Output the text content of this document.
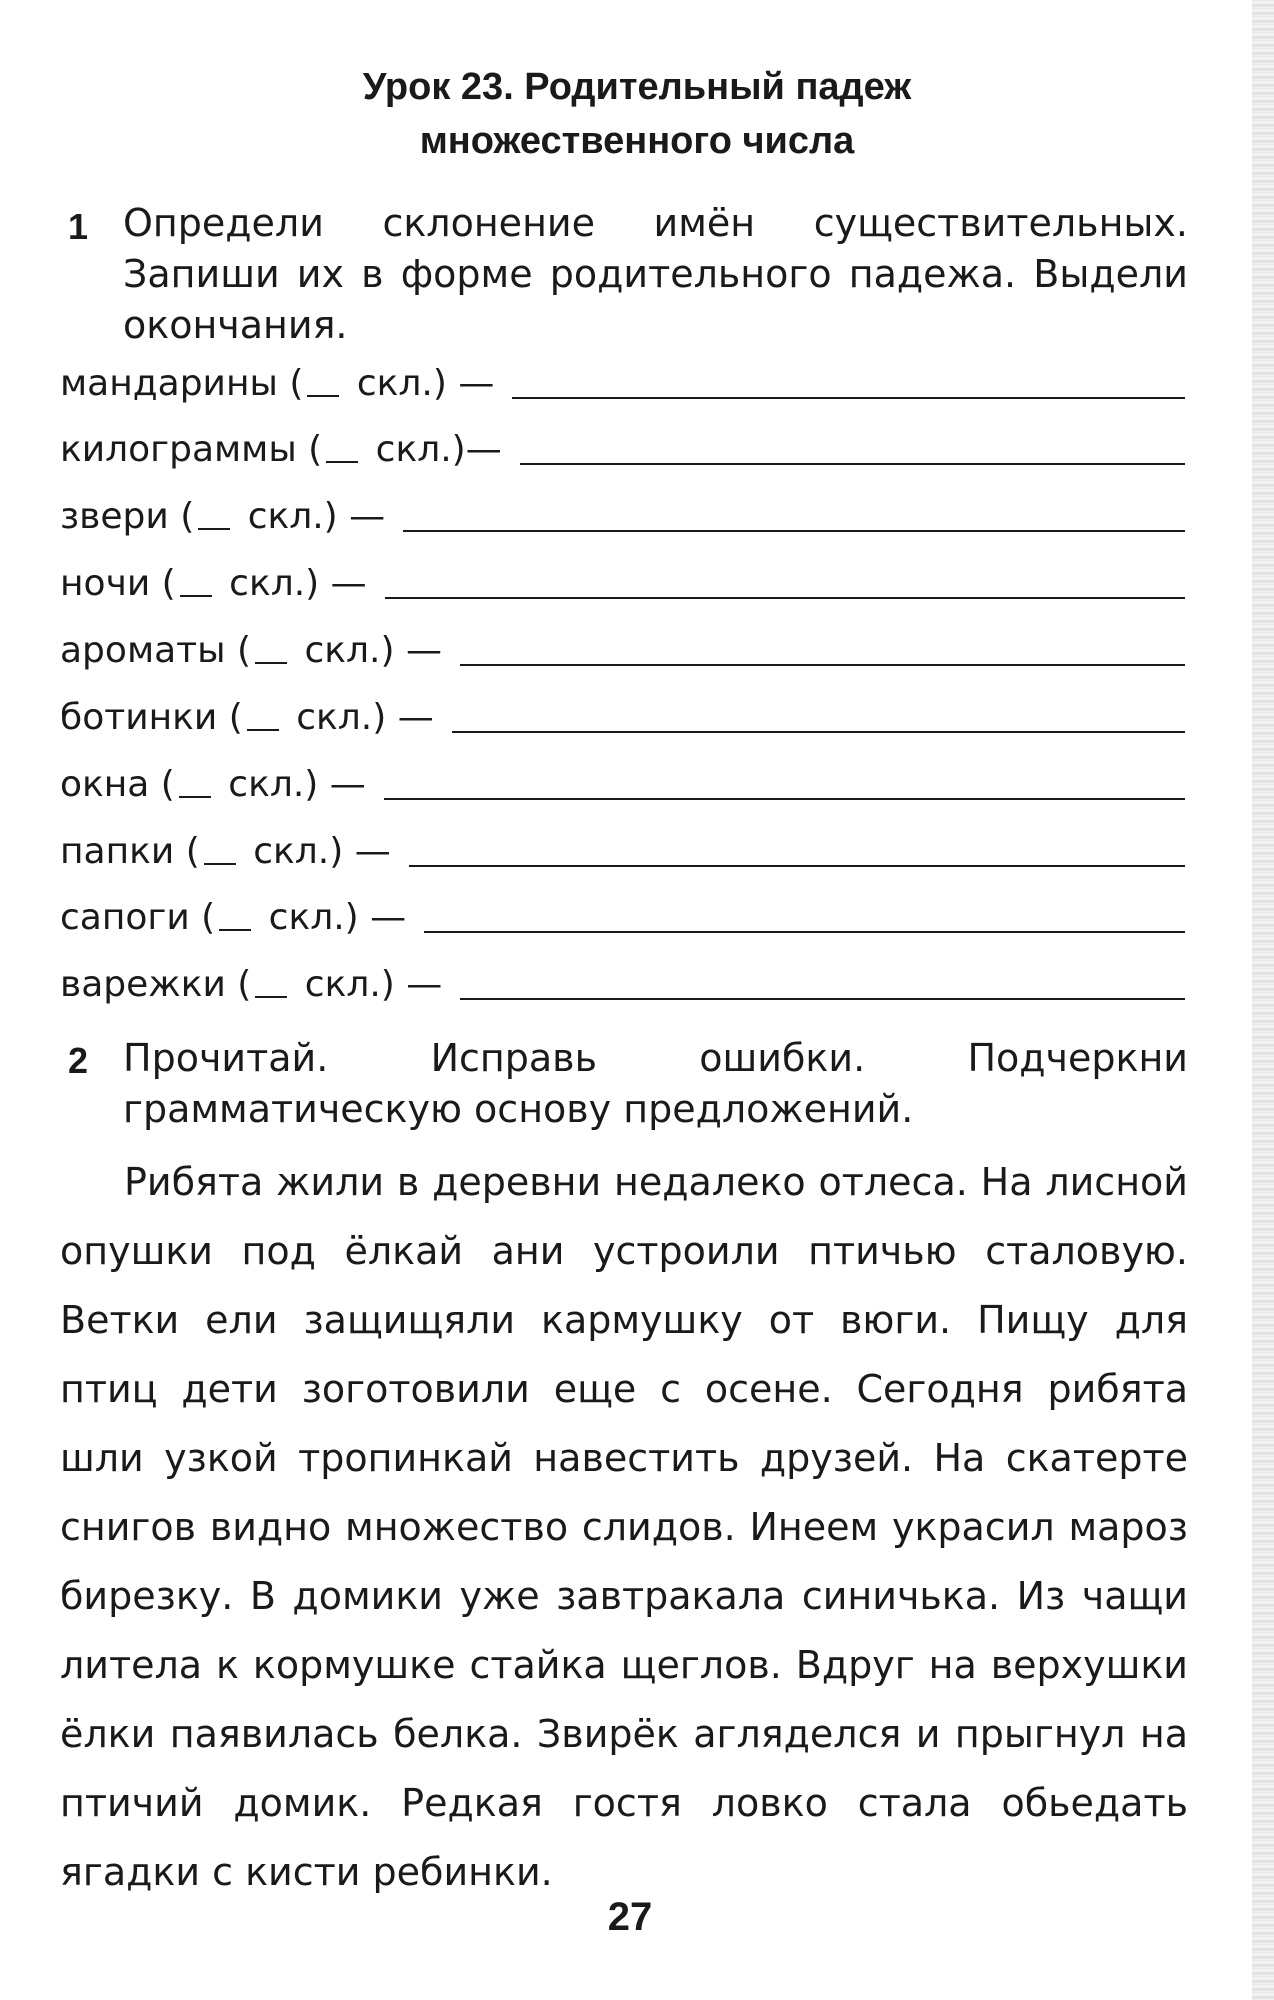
Урок 23. Родительный падеж
множественного числа
1 Определи склонение имён существительных. Запиши их в форме родительного падежа. Выдели окончания.
мандарины ( скл.) —
килограммы ( скл.)—
звери ( скл.) —
ночи ( скл.) —
ароматы ( скл.) —
ботинки ( скл.) —
окна ( скл.) —
папки ( скл.) —
сапоги ( скл.) —
варежки ( скл.) —
2 Прочитай. Исправь ошибки. Подчеркни грамматическую основу предложений.
Рибята жили в деревни недалеко отлеса. На лисной опушки под ёлкай ани устроили птичью сталовую. Ветки ели защищяли кармушку от вюги. Пищу для птиц дети зоготовили еще с осене. Сегодня рибята шли узкой тропинкай навестить друзей. На скатерте снигов видно множество слидов. Инеем украсил мароз бирезку. В домики уже завтракала синичька. Из чащи литела к кормушке стайка щеглов. Вдруг на верхушки ёлки паявилась белка. Звирёк агляделся и прыгнул на птичий домик. Редкая гостя ловко стала обьедать ягадки с кисти ребинки.
27
